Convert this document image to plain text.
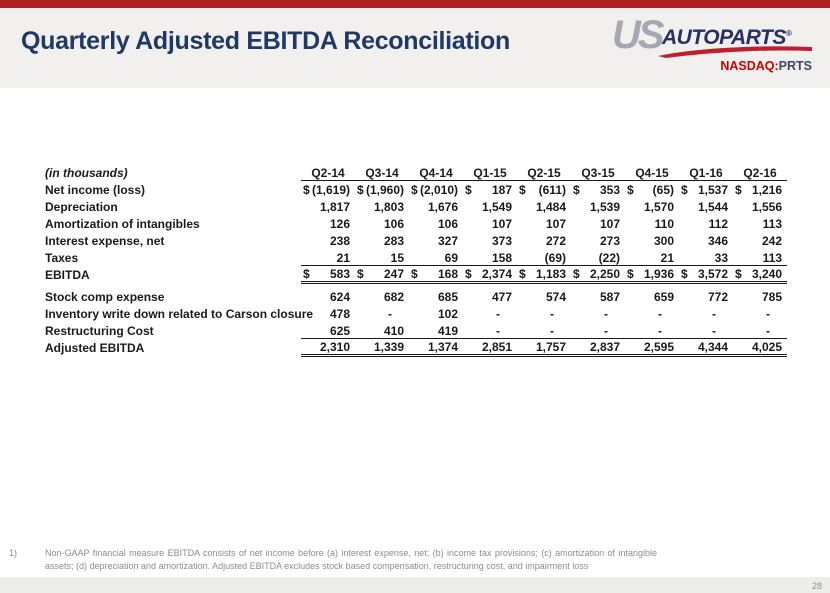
Quarterly Adjusted EBITDA Reconciliation	US AUTOPARTS®
NASDAQ:PRTS
(in thousands)	Q2-14	Q3-14	Q4-14	Q1-15	Q2-15	Q3-15	Q4-15	Q1-16	Q2-16
Net income (loss)	$ (1,619)	$ (1,960)	$ (2,010)	$ 187	$ (611)	$ 353	$ (65)	$ 1,537	$ 1,216
Depreciation	1,817	1,803	1,676	1,549	1,484	1,539	1,570	1,544	1,556
Amortization of intangibles	126	106	106	107	107	107	110	112	113
Interest expense, net	238	283	327	373	272	273	300	346	242
Taxes	21	15	69	158	(69)	(22)	21	33	113
EBITDA	$ 583	$ 247	$ 168	$ 2,374	$ 1,183	$ 2,250	$ 1,936	$ 3,572	$ 3,240

Stock comp expense	624	682	685	477	574	587	659	772	785
Inventory write down related to Carson closure	478	-	102	-	-	-	-	-	-
Restructuring Cost	625	410	419	-	-	-	-	-	-
Adjusted EBITDA	2,310	1,339	1,374	2,851	1,757	2,837	2,595	4,344	4,025
1)	Non-GAAP financial measure EBITDA consists of net income before (a) interest expense, net; (b) income tax provisions; (c) amortization of intangible assets; (d) depreciation and amortization. Adjusted EBITDA excludes stock based compensation, restructuring cost, and impairment loss
28
